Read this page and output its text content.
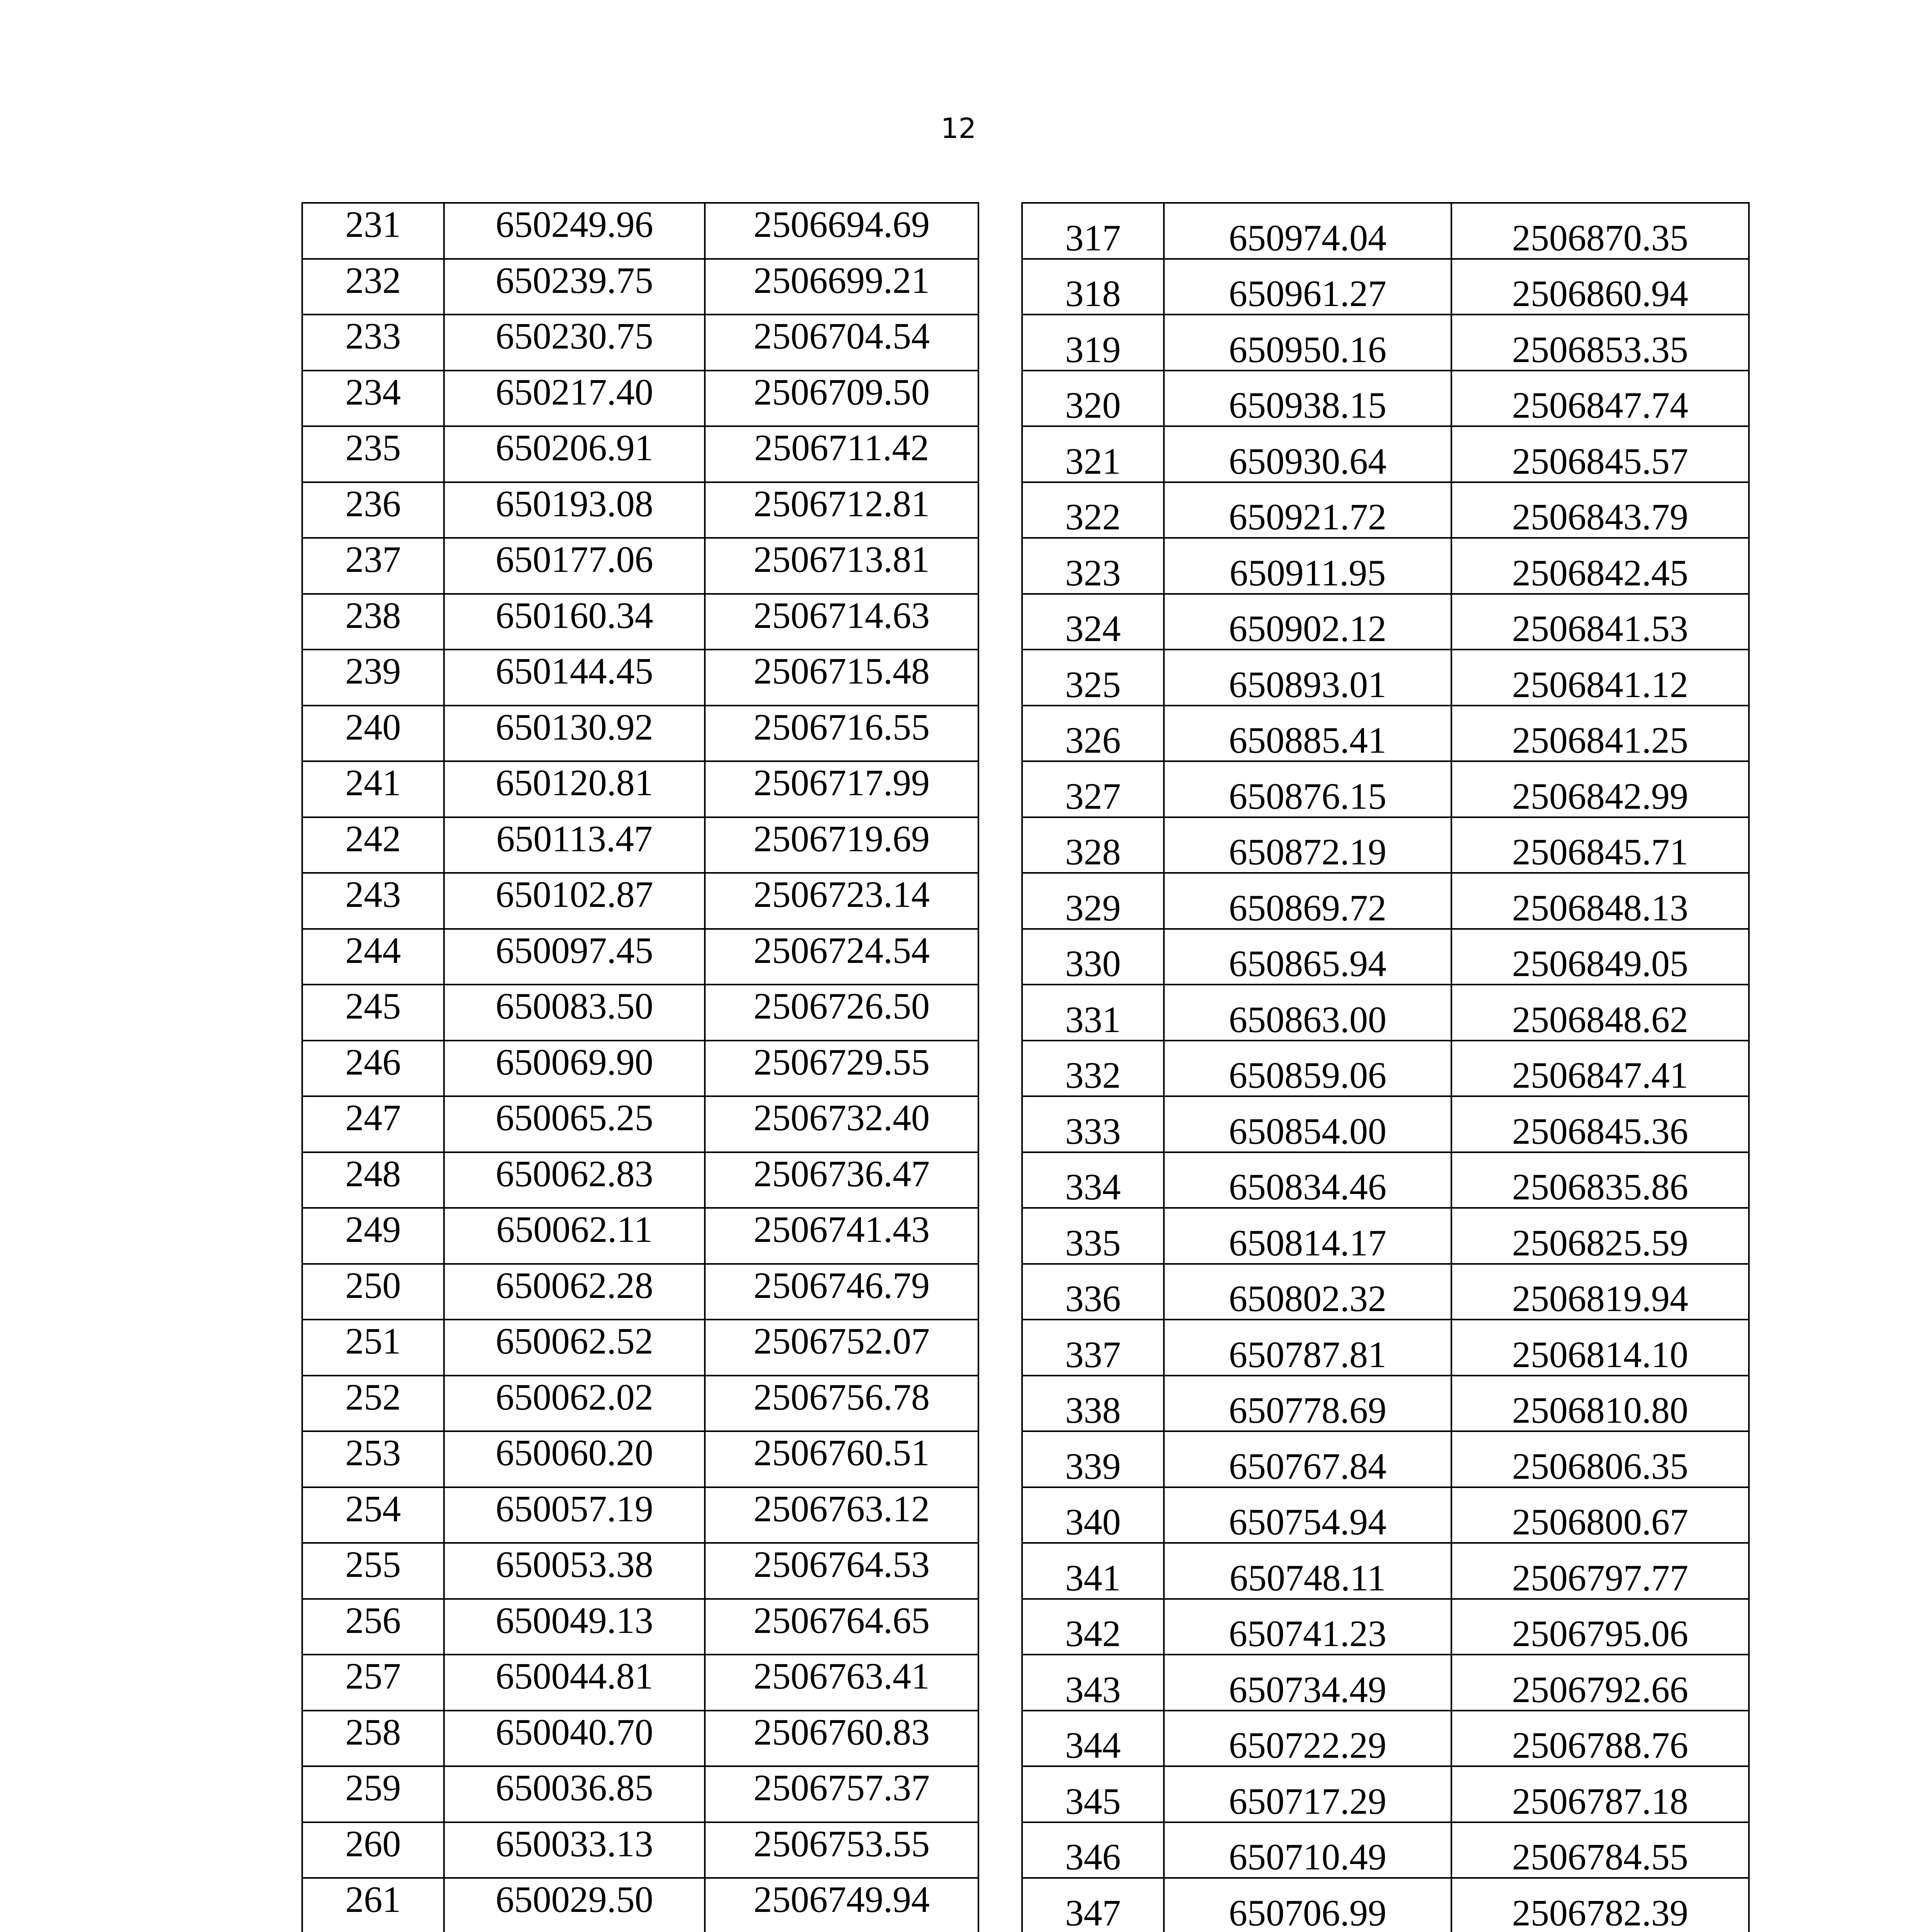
12
231	650249.96	2506694.69		317	650974.04	2506870.35
232	650239.75	2506699.21		318	650961.27	2506860.94
233	650230.75	2506704.54		319	650950.16	2506853.35
234	650217.40	2506709.50		320	650938.15	2506847.74
235	650206.91	2506711.42		321	650930.64	2506845.57
236	650193.08	2506712.81		322	650921.72	2506843.79
237	650177.06	2506713.81		323	650911.95	2506842.45
238	650160.34	2506714.63		324	650902.12	2506841.53
239	650144.45	2506715.48		325	650893.01	2506841.12
240	650130.92	2506716.55		326	650885.41	2506841.25
241	650120.81	2506717.99		327	650876.15	2506842.99
242	650113.47	2506719.69		328	650872.19	2506845.71
243	650102.87	2506723.14		329	650869.72	2506848.13
244	650097.45	2506724.54		330	650865.94	2506849.05
245	650083.50	2506726.50		331	650863.00	2506848.62
246	650069.90	2506729.55		332	650859.06	2506847.41
247	650065.25	2506732.40		333	650854.00	2506845.36
248	650062.83	2506736.47		334	650834.46	2506835.86
249	650062.11	2506741.43		335	650814.17	2506825.59
250	650062.28	2506746.79		336	650802.32	2506819.94
251	650062.52	2506752.07		337	650787.81	2506814.10
252	650062.02	2506756.78		338	650778.69	2506810.80
253	650060.20	2506760.51		339	650767.84	2506806.35
254	650057.19	2506763.12		340	650754.94	2506800.67
255	650053.38	2506764.53		341	650748.11	2506797.77
256	650049.13	2506764.65		342	650741.23	2506795.06
257	650044.81	2506763.41		343	650734.49	2506792.66
258	650040.70	2506760.83		344	650722.29	2506788.76
259	650036.85	2506757.37		345	650717.29	2506787.18
260	650033.13	2506753.55		346	650710.49	2506784.55
261	650029.50	2506749.94		347	650706.99	2506782.39
